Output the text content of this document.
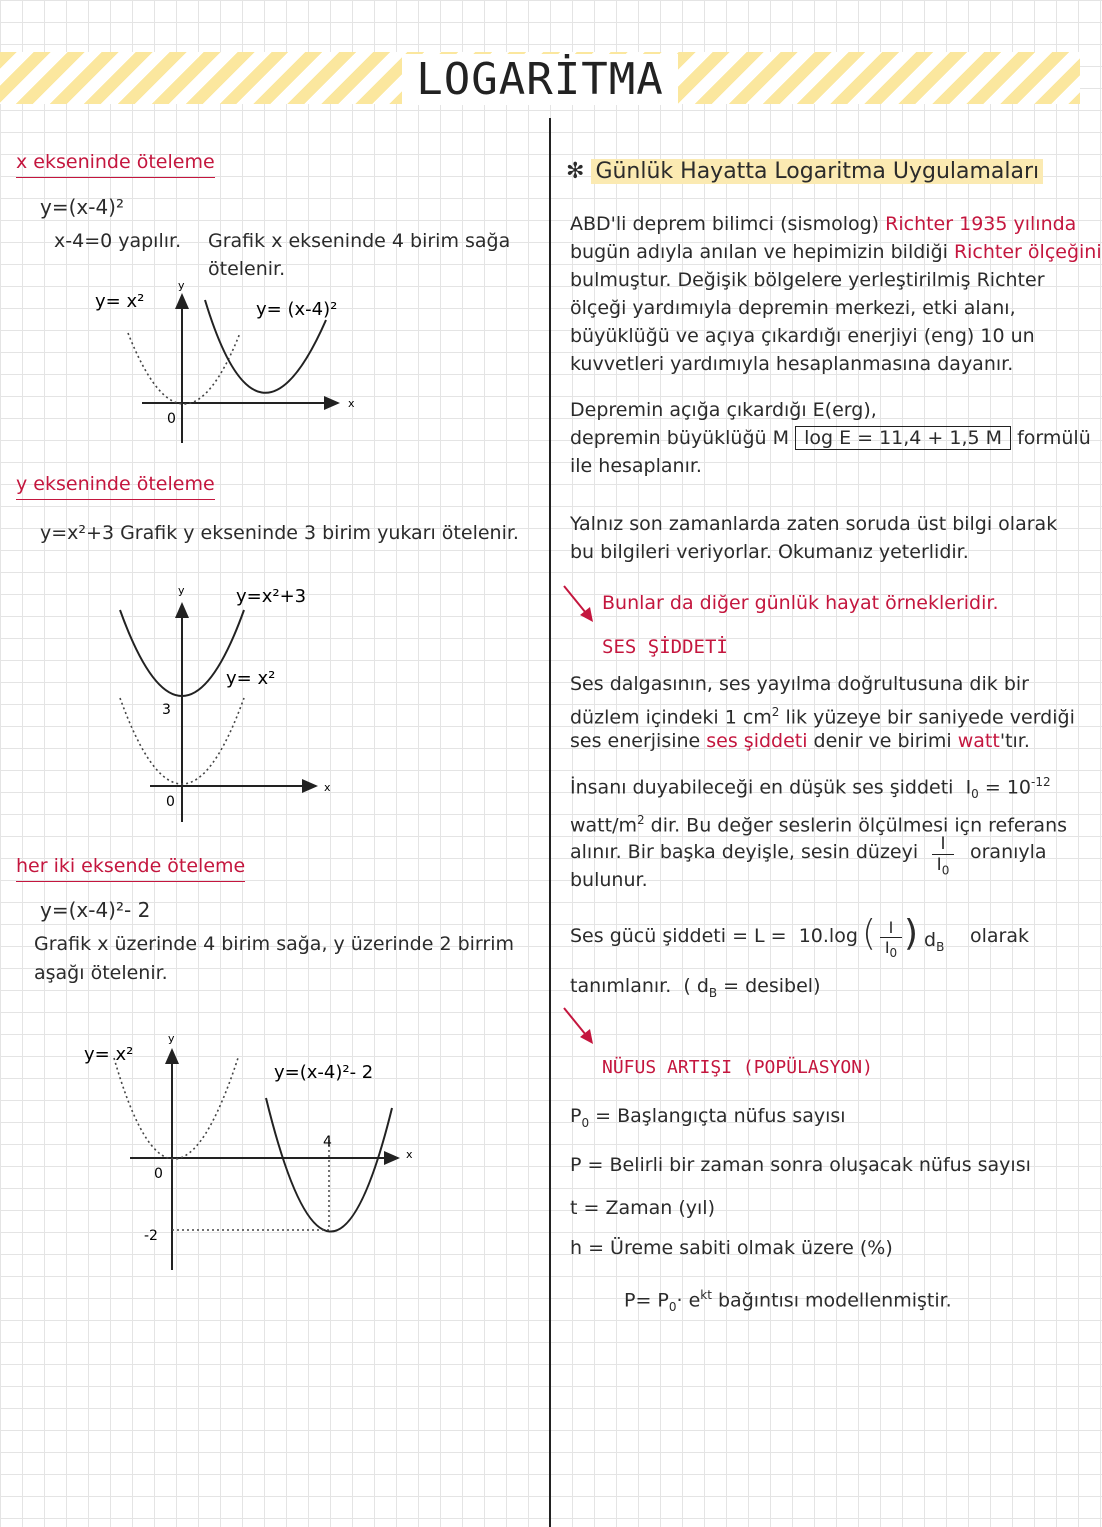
LOGARİTMA
x ekseninde öteleme
y=(x-4)²
x-4=0 yapılır. Grafik x ekseninde 4 birim sağa
ötelenir.
x
y
0
y= x²	y= (x-4)²
y ekseninde öteleme
y=x²+3 Grafik y ekseninde 3 birim yukarı ötelenir.
x
y
0
3
y=x²+3
y= x²
her iki eksende öteleme
y=(x-4)²- 2
Grafik x üzerinde 4 birim sağa, y üzerinde 2 birrim
aşağı ötelenir.
x
y
0
4
-2
y= x²
y=(x-4)²- 2
✻ Günlük Hayatta Logaritma Uygulamaları
ABD'li deprem bilimci (sismolog) Richter 1935 yılında
bugün adıyla anılan ve hepimizin bildiği Richter ölçeğini
bulmuştur. Değişik bölgelere yerleştirilmiş Richter
ölçeği yardımıyla depremin merkezi, etki alanı,
büyüklüğü ve açıya çıkardığı enerjiyi (eng) 10 un
kuvvetleri yardımıyla hesaplanmasına dayanır.
Depremin açığa çıkardığı E(erg),
depremin büyüklüğü M log E = 11,4 + 1,5 M formülü
ile hesaplanır.
Yalnız son zamanlarda zaten soruda üst bilgi olarak
bu bilgileri veriyorlar. Okumanız yeterlidir.
Bunlar da diğer günlük hayat örnekleridir.
SES ŞİDDETİ
Ses dalgasının, ses yayılma doğrultusuna dik bir
düzlem içindeki 1 $cm^2$ lik yüzeye bir saniyede verdiği
ses enerjisine ses şiddeti denir ve birimi watt'tır.
İnsanı duyabileceği en düşük ses şiddeti $I_0 = 10^{-12}$
watt/$m^2$ dir. Bu değer seslerin ölçülmesi içn referans
alınır. Bir başka deyişle, sesin düzeyi	I
$I_0$
oranıyla
bulunur.
Ses gücü şiddeti = L = 10.log ( I
$I_0$ ) $d_B$ olarak
tanımlanır. ( $d_B$ = desibel)
NÜFUS ARTIŞI (POPÜLASYON)
$P_0$ = Başlangıçta nüfus sayısı
P = Belirli bir zaman sonra oluşacak nüfus sayısı
t = Zaman (yıl)
h = Üreme sabiti olmak üzere (%)
$P= P_0\cdot e^{kt}$ bağıntısı modellenmiştir.
